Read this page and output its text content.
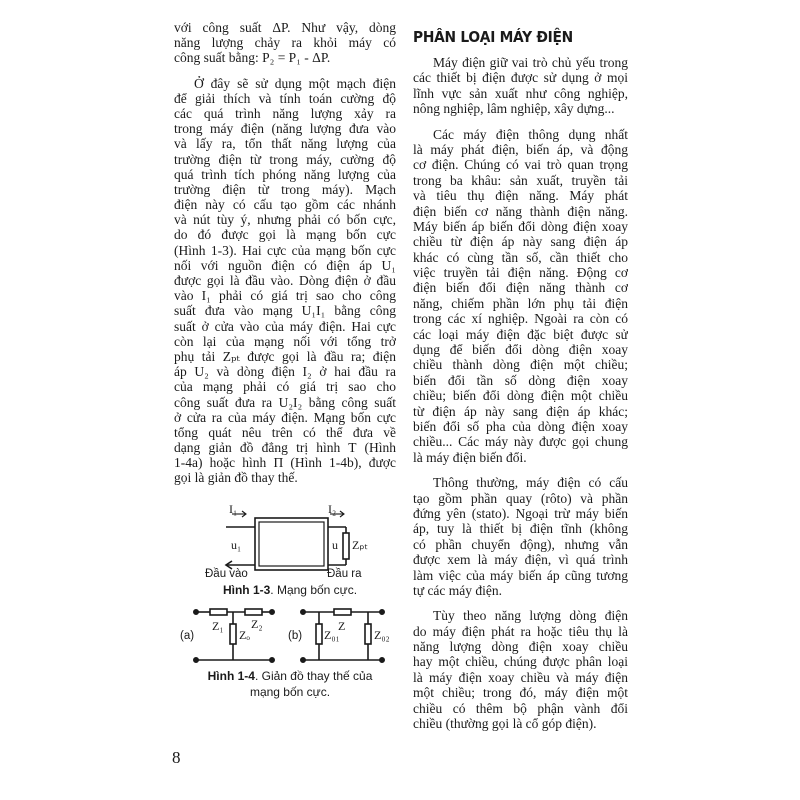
với công suất ΔP. Như vậy, dòng
năng lượng chảy ra khỏi máy có
công suất bằng: P₂ = P₁ - ΔP.
Ở đây sẽ sử dụng một mạch điện
để giải thích và tính toán cường độ
các quá trình năng lượng xảy ra
trong máy điện (năng lượng đưa vào
và lấy ra, tổn thất năng lượng của
trường điện từ trong máy, cường độ
quá trình tích phóng năng lượng của
trường điện từ trong máy). Mạch
điện này có cấu tạo gồm các nhánh
và nút tùy ý, nhưng phải có bốn cực,
do đó được gọi là mạng bốn cực
(Hình 1-3). Hai cực của mạng bốn cực
nối với nguồn điện có điện áp U₁
được gọi là đầu vào. Dòng điện ở đầu
vào I₁ phải có giá trị sao cho công
suất đưa vào mạng U₁I₁ bằng công
suất ở cửa vào của máy điện. Hai cực
còn lại của mạng nối với tổng trở
phụ tải Zₚₜ được gọi là đầu ra; điện
áp U₂ và dòng điện I₂ ở hai đầu ra
của mạng phải có giá trị sao cho
công suất đưa ra U₂I₂ bằng công suất
ở cửa ra của máy điện. Mạng bốn cực
tổng quát nêu trên có thể đưa về
dạng giản đồ đẳng trị hình T (Hình
1-4a) hoặc hình Π (Hình 1-4b), được
gọi là giản đồ thay thế.
PHÂN LOẠI MÁY ĐIỆN
Máy điện giữ vai trò chủ yếu trong
các thiết bị điện được sử dụng ở mọi
lĩnh vực sản xuất như công nghiệp,
nông nghiệp, lâm nghiệp, xây dựng...
Các máy điện thông dụng nhất
là máy phát điện, biến áp, và động
cơ điện. Chúng có vai trò quan trọng
trong ba khâu: sản xuất, truyền tải
và tiêu thụ điện năng. Máy phát
điện biến cơ năng thành điện năng.
Máy biến áp biến đổi dòng điện xoay
chiều từ điện áp này sang điện áp
khác có cùng tần số, cần thiết cho
việc truyền tải điện năng. Động cơ
điện biến đổi điện năng thành cơ
năng, chiếm phần lớn phụ tải điện
trong các xí nghiệp. Ngoài ra còn có
các loại máy điện đặc biệt được sử
dụng để biến đổi dòng điện xoay
chiều thành dòng điện một chiều;
biến đổi tần số dòng điện xoay
chiều; biến đổi dòng điện một chiều
từ điện áp này sang điện áp khác;
biến đổi số pha của dòng điện xoay
chiều... Các máy này được gọi chung
là máy điện biến đổi.
Thông thường, máy điện có cấu
tạo gồm phần quay (rôto) và phần
đứng yên (stato). Ngoại trừ máy biến
áp, tuy là thiết bị điện tĩnh (không
có phần chuyển động), nhưng vẫn
được xem là máy điện, vì quá trình
làm việc của máy biến áp cũng tương
tự các máy điện.
Tùy theo năng lượng dòng điện
do máy điện phát ra hoặc tiêu thụ là
năng lượng dòng điện xoay chiều
hay một chiều, chúng được phân loại
là máy điện xoay chiều và máy điện
một chiều; trong đó, máy điện một
chiều có thêm bộ phận vành đổi
chiều (thường gọi là cổ góp điện).
I₁	I₂
u₁	u Zₚₜ
Đầu vào	Đầu ra
Hình 1-3. Mạng bốn cực.
(a)
Z₁ Z₂
Zₒ	(b)
Z
Z₀₁	Z₀₂
Hình 1-4. Giản đồ thay thế của
mạng bốn cực.
8
